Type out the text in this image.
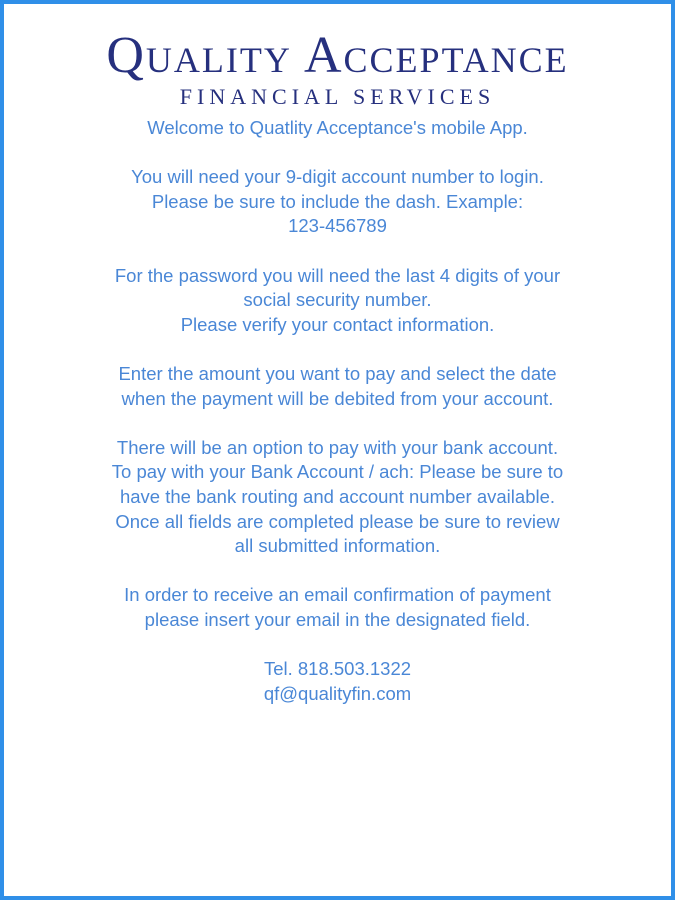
Quality Acceptance
FINANCIAL SERVICES
Welcome to Quatlity Acceptance's mobile App.
You will need your 9-digit account number to login.
Please be sure to include the dash. Example:
123-456789
For the password you will need the last 4 digits of your
social security number.
Please verify your contact information.
Enter the amount you want to pay and select the date
when the payment will be debited from your account.
There will be an option to pay with your bank account.
To pay with your Bank Account / ach: Please be sure to
have the bank routing and account number available.
Once all fields are completed please be sure to review
all submitted information.
In order to receive an email confirmation of payment
please insert your email in the designated field.
Tel. 818.503.1322
qf@qualityfin.com
